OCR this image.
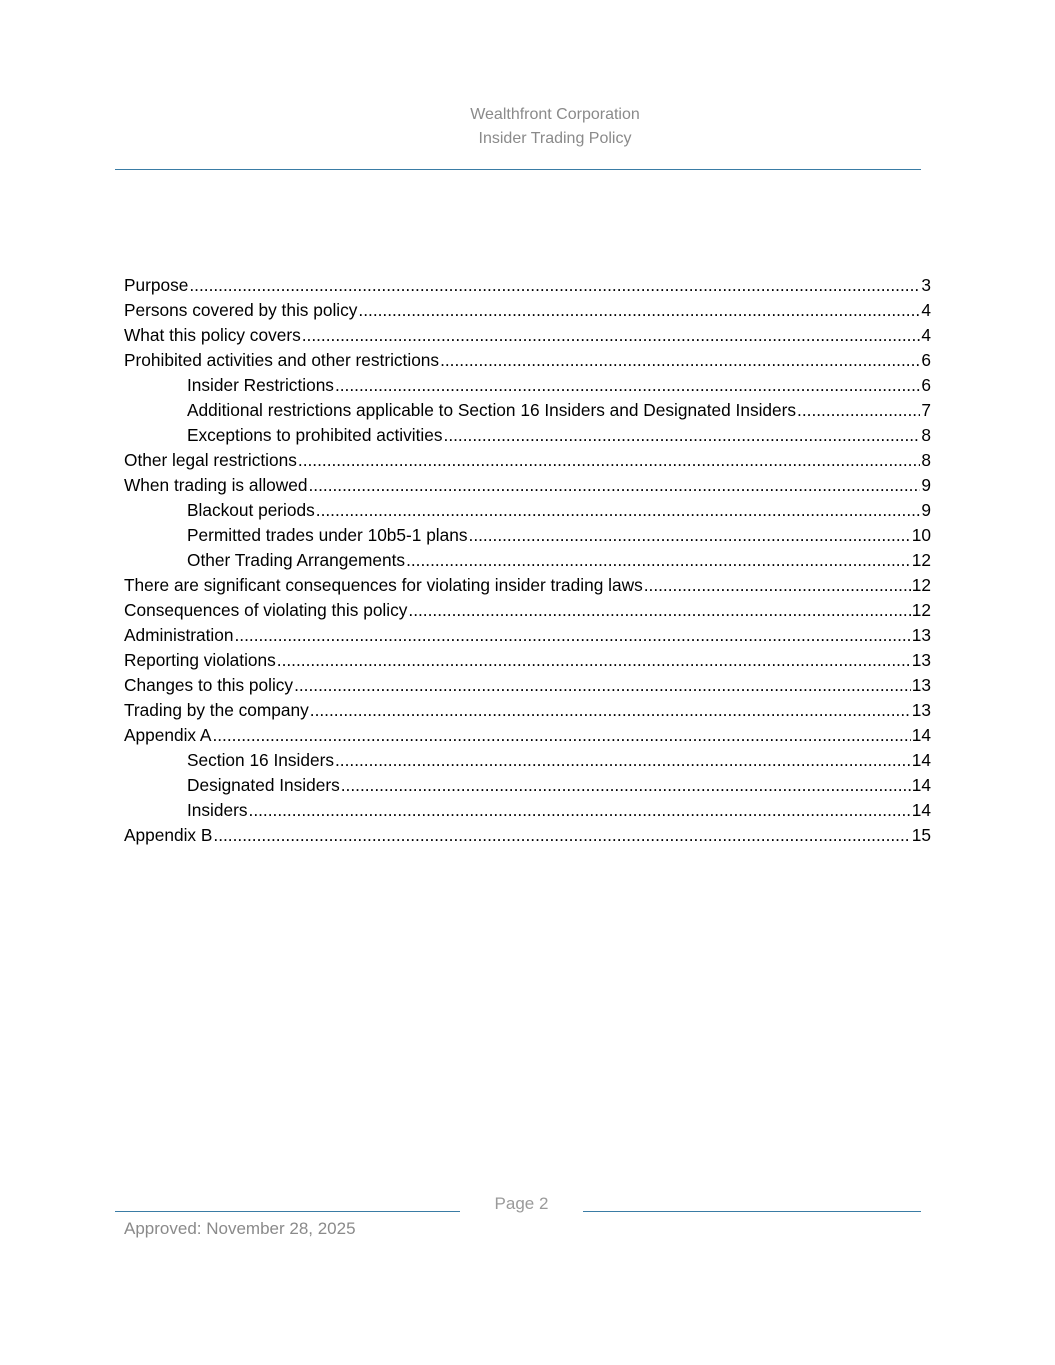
Wealthfront Corporation
Insider Trading Policy
Purpose .....	3
Persons covered by this policy .....	4
What this policy covers .....	4
Prohibited activities and other restrictions .....	6
Insider Restrictions .....	6
Additional restrictions applicable to Section 16 Insiders and Designated Insiders .....	7
Exceptions to prohibited activities .....	8
Other legal restrictions .....	8
When trading is allowed .....	9
Blackout periods .....	9
Permitted trades under 10b5-1 plans .....	10
Other Trading Arrangements .....	12
There are significant consequences for violating insider trading laws .....	12
Consequences of violating this policy .....	12
Administration .....	13
Reporting violations .....	13
Changes to this policy .....	13
Trading by the company .....	13
Appendix A .....	14
Section 16 Insiders .....	14
Designated Insiders .....	14
Insiders .....	14
Appendix B .....	15
Page 2
Approved: November 28, 2025
